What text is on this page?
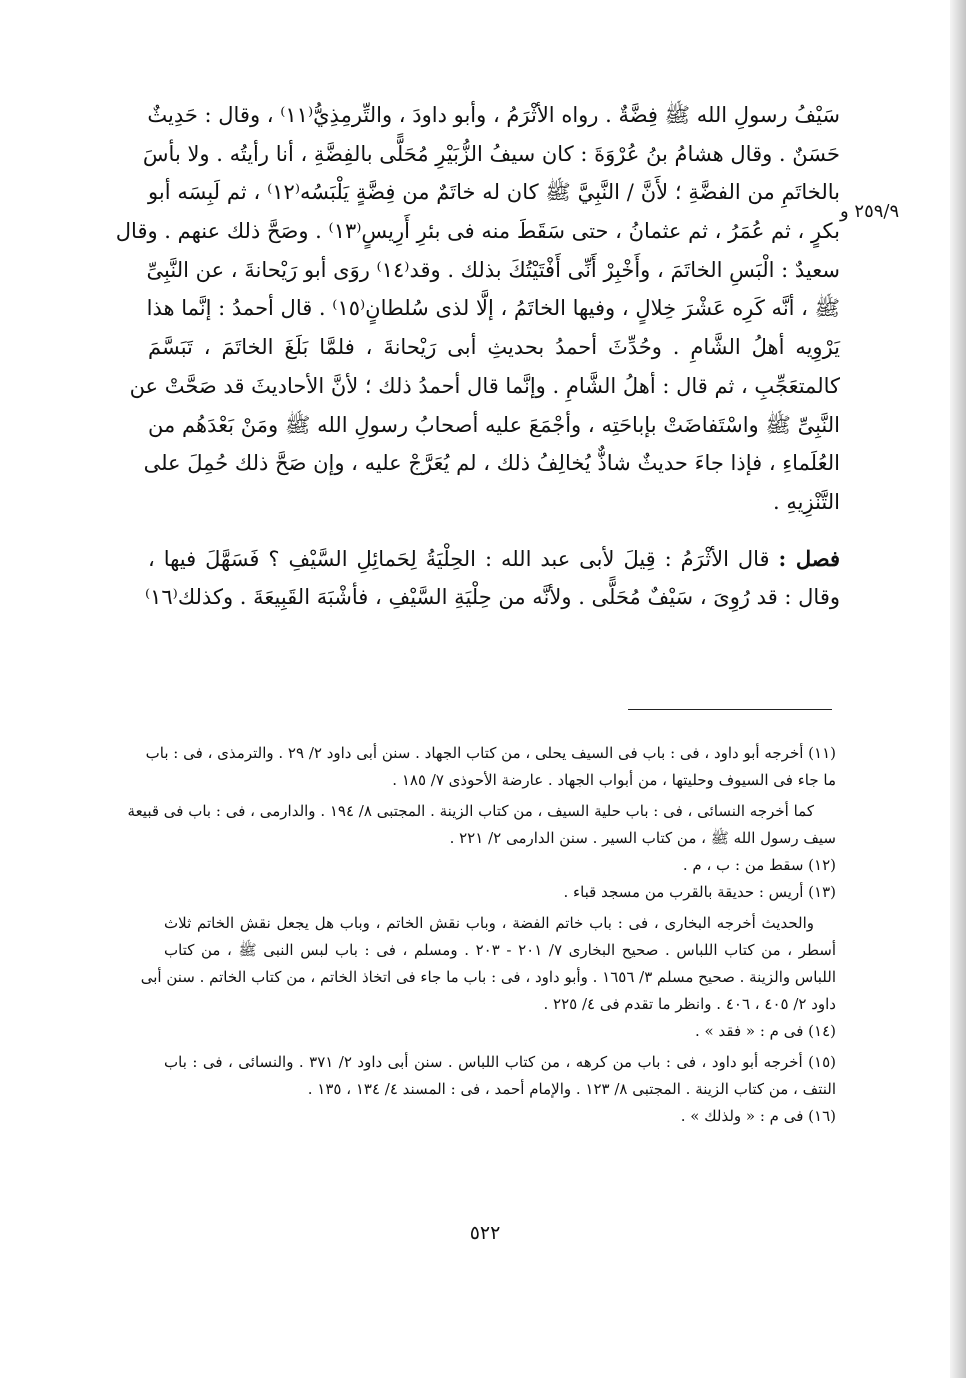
٢٥٩/٩ و
سَيْفُ رسولِ الله ﷺ فِضَّةٌ . رواه الأثْرَمُ ، وأبو داودَ ، والتِّرمِذِيُّ⁽١١⁾ ، وقال : حَدِيثٌ
حَسَنٌ . وقال هشامُ بنُ عُرْوَةَ : كان سيفُ الزُّبَيْرِ مُحَلًّى بالفِضَّةِ ، أنا رأيتُه . ولا بأسَ
بالخاتَمِ من الفضَّةِ ؛ لأَنَّ / النَّبِيَّ ﷺ كان له خاتَمٌ من فِضَّةٍ يَلْبَسُه⁽١٢⁾ ، ثم لَبِسَه أبو
بكرٍ ، ثم عُمَرُ ، ثم عثمانُ ، حتى سَقَطَ منه فى بئرِ أَرِيسٍ⁽١٣⁾ . وصَحَّ ذلك عنهم . وقال
سعيدٌ : الْبَسِ الخاتَمَ ، وأَخْبِرْ أَنِّى أَفْتَيْتُكَ بذلك . وقد⁽١٤⁾ روَى أبو رَيْحانةَ ، عن النَّبِىِّ
ﷺ ، أنَّه كَرِه عَشْرَ خِلالٍ ، وفيها الخاتَمُ ، إلَّا لذى سُلطانٍ⁽١٥⁾ . قال أحمدُ : إنَّما هذا
يَرْوِيه أهلُ الشَّامِ . وحُدِّثَ أحمدُ بحديثِ أبى رَيْحانةَ ، فلمَّا بَلَغَ الخاتَمَ ، تَبَسَّمَ
كالمتعَجِّبِ ، ثم قال : أهلُ الشَّامِ . وإنَّما قال أحمدُ ذلك ؛ لأنَّ الأحاديثَ قد صَحَّتْ عن
النَّبِىِّ ﷺ واسْتَفاضَتْ بإباحَتِه ، وأجْمَعَ عليه أصحابُ رسولِ الله ﷺ ومَنْ بَعْدَهُم من
العُلَماءِ ، فإذا جاءَ حديثٌ شاذٌّ يُخالِفُ ذلك ، لم يُعَرَّجْ عليه ، وإن صَحَّ ذلك حُمِلَ على
التَّنْزِيهِ .
فصل : قال الأثْرَمُ : قِيلَ لأبى عبد الله : الحِلْيَةُ لِحَمائِلِ السَّيْفِ ؟ فَسَهَّلَ فيها ،
وقال : قد رُوِىَ ، سَيْفٌ مُحَلًّى . ولأنَّه من حِلْيَةِ السَّيْفِ ، فأشْبَهَ القَبِيعَةَ . وكذلك⁽١٦⁾
(١١) أخرجه أبو داود ، فى : باب فى السيف يحلى ، من كتاب الجهاد . سنن أبى داود ٢/ ٢٩ . والترمذى ، فى : باب
ما جاء فى السيوف وحليتها ، من أبواب الجهاد . عارضة الأحوذى ٧/ ١٨٥ .
كما أخرجه النسائى ، فى : باب حلية السيف ، من كتاب الزينة . المجتبى ٨/ ١٩٤ . والدارمى ، فى : باب فى قبيعة
سيف رسول الله ﷺ ، من كتاب السير . سنن الدارمى ٢/ ٢٢١ .
(١٢) سقط من : ب ، م .
(١٣) أريس : حديقة بالقرب من مسجد قباء .
والحديث أخرجه البخارى ، فى : باب خاتم الفضة ، وباب نقش الخاتم ، وباب هل يجعل نقش الخاتم ثلاث
أسطر ، من كتاب اللباس . صحيح البخارى ٧/ ٢٠١ - ٢٠٣ . ومسلم ، فى : باب لبس النبى ﷺ ، من كتاب
اللباس والزينة . صحيح مسلم ٣/ ١٦٥٦ . وأبو داود ، فى : باب ما جاء فى اتخاذ الخاتم ، من كتاب الخاتم . سنن أبى
داود ٢/ ٤٠٥ ، ٤٠٦ . وانظر ما تقدم فى ٤/ ٢٢٥ .
(١٤) فى م : « فقد » .
(١٥) أخرجه أبو داود ، فى : باب من كرهه ، من كتاب اللباس . سنن أبى داود ٢/ ٣٧١ . والنسائى ، فى : باب
النتف ، من كتاب الزينة . المجتبى ٨/ ١٢٣ . والإمام أحمد ، فى : المسند ٤/ ١٣٤ ، ١٣٥ .
(١٦) فى م : « ولذلك » .
٥٢٢
